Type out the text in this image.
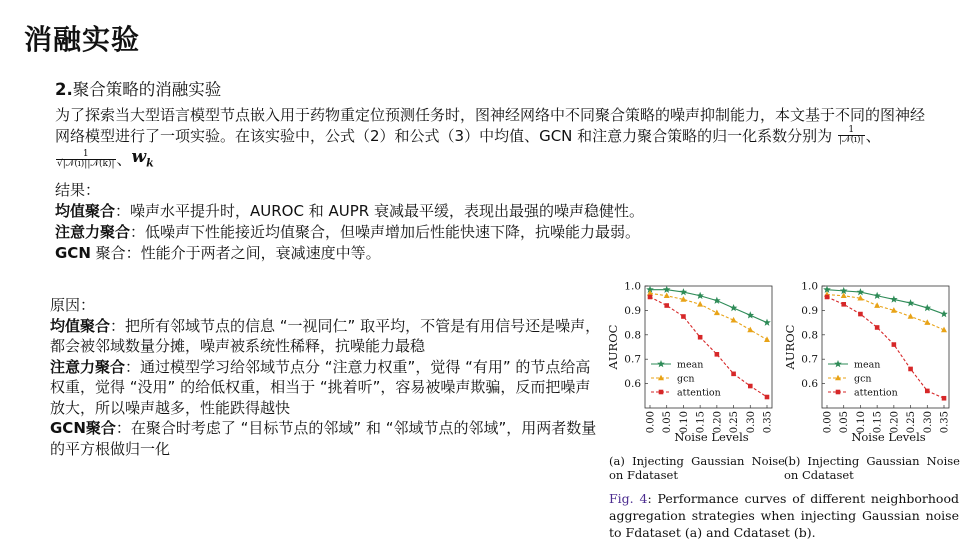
消融实验
2.聚合策略的消融实验
为了探索当大型语言模型节点嵌入用于药物重定位预测任务时，图神经网络中不同聚合策略的噪声抑制能力，本文基于不同的图神经网络模型进行了一项实验。在该实验中，公式（2）和公式（3）中均值、GCN 和注意力聚合策略的归一化系数分别为 $\frac{1}{\text{|𝒩(i)|}}$ 、
$\frac{1}{\text{√|𝒩(i)||𝒩(k)|}}$ 、$w_k$

结果：

均值聚合：噪声水平提升时，AUROC 和 AUPR 衰减最平缓，表现出最强的噪声稳健性。

注意力聚合：低噪声下性能接近均值聚合，但噪声增加后性能快速下降，抗噪能力最弱。

GCN 聚合：性能介于两者之间，衰减速度中等。

原因：

均值聚合：把所有邻域节点的信息 “一视同仁” 取平均，不管是有用信号还是噪声，都会被邻域数量分摊，噪声被系统性稀释，抗噪能力最稳

注意力聚合：通过模型学习给邻域节点分 “注意力权重”，觉得 “有用” 的节点给高权重，觉得 “没用” 的给低权重，相当于 “挑着听”，容易被噪声欺骗，反而把噪声放大，所以噪声越多，性能跌得越快

GCN聚合：在聚合时考虑了 “目标节点的邻域” 和 “邻域节点的邻域”，用两者数量的平方根做归一化

0.6
0.7
0.8
0.9
1.0
0.00 0.05 0.10 0.15 0.20 0.25 0.30 0.35
Noise Levels
AUROC	mean
gcn
attention
0.6
0.7
0.8
0.9
1.0
0.00 0.05 0.10 0.15 0.20 0.25 0.30 0.35
Noise Levels
AUROC	mean
gcn
attention
(a) Injecting Gaussian Noise on Fdataset
(b) Injecting Gaussian Noise on Cdataset
Fig. 4: Performance curves of different neighborhood aggregation strategies when injecting Gaussian noise to Fdataset (a) and Cdataset (b).
